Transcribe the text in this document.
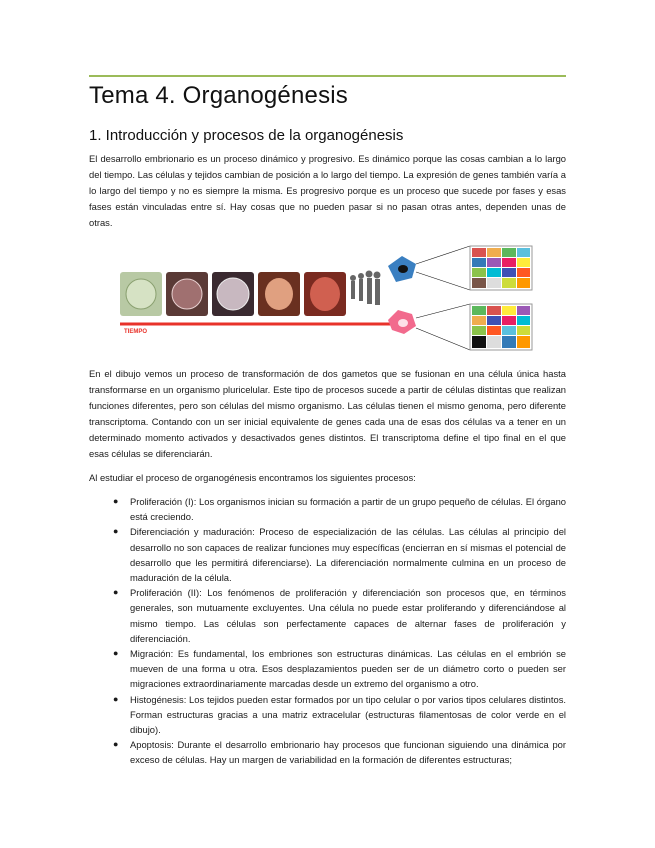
Tema 4. Organogénesis
1. Introducción y procesos de la organogénesis

El desarrollo embrionario es un proceso dinámico y progresivo. Es dinámico porque las cosas cambian a lo largo del tiempo. Las células y tejidos cambian de posición a lo largo del tiempo. La expresión de genes también varía a lo largo del tiempo y no es siempre la misma. Es progresivo porque es un proceso que sucede por fases y esas fases están vinculadas entre sí. Hay cosas que no pueden pasar si no pasan otras antes, dependen unas de otras.

TIEMPO

En el dibujo vemos un proceso de transformación de dos gametos que se fusionan en una célula única hasta transformarse en un organismo pluricelular. Este tipo de procesos sucede a partir de células distintas que realizan funciones diferentes, pero son células del mismo organismo. Las células tienen el mismo genoma, pero diferente transcriptoma. Contando con un ser inicial equivalente de genes cada una de esas dos células va a tener en un determinado momento activados y desactivados genes distintos. El transcriptoma define el tipo final en el que esas células se diferenciarán.

Al estudiar el proceso de organogénesis encontramos los siguientes procesos:

● Proliferación (I): Los organismos inician su formación a partir de un grupo pequeño de células. El órgano está creciendo.
● Diferenciación y maduración: Proceso de especialización de las células. Las células al principio del desarrollo no son capaces de realizar funciones muy específicas (encierran en sí mismas el potencial de desarrollo que les permitirá diferenciarse). La diferenciación normalmente culmina en un proceso de maduración de la célula.
● Proliferación (II): Los fenómenos de proliferación y diferenciación son procesos que, en términos generales, son mutuamente excluyentes. Una célula no puede estar proliferando y diferenciándose al mismo tiempo. Las células son perfectamente capaces de alternar fases de proliferación y diferenciación.
● Migración: Es fundamental, los embriones son estructuras dinámicas. Las células en el embrión se mueven de una forma u otra. Esos desplazamientos pueden ser de un diámetro corto o pueden ser migraciones extraordinariamente marcadas desde un extremo del organismo a otro.
● Histogénesis: Los tejidos pueden estar formados por un tipo celular o por varios tipos celulares distintos. Forman estructuras gracias a una matriz extracelular (estructuras filamentosas de color verde en el dibujo).
● Apoptosis: Durante el desarrollo embrionario hay procesos que funcionan siguiendo una dinámica por exceso de células. Hay un margen de variabilidad en la formación de diferentes estructuras;
